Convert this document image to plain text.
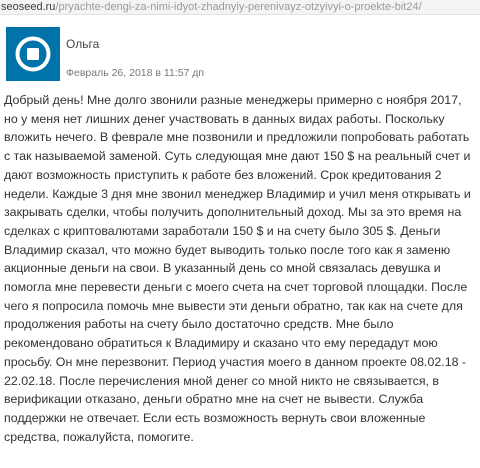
seoseed.ru/pryachte-dengi-za-nimi-idyot-zhadnyiy-perenivayz-otzyivyi-o-proekte-bit24/
Ольга
Февраль 26, 2018 в 11:57 дп

Добрый день! Мне долго звонили разные менеджеры примерно с ноября 2017, но у меня нет лишних денег участвовать в данных видах работы. Поскольку вложить нечего. В феврале мне позвонили и предложили попробовать работать с так называемой заменой. Суть следующая мне дают 150 $ на реальный счет и дают возможность приступить к работе без вложений. Срок кредитования 2 недели. Каждые 3 дня мне звонил менеджер Владимир и учил меня открывать и закрывать сделки, чтобы получить дополнительный доход. Мы за это время на сделках с криптовалютами заработали 150 $ и на счету было 305 $. Деньги Владимир сказал, что можно будет выводить только после того как я заменю акционные деньги на свои. В указанный день со мной связалась девушка и помогла мне перевести деньги с моего счета на счет торговой площадки. После чего я попросила помочь мне вывести эти деньги обратно, так как на счете для продолжения работы на счету было достаточно средств. Мне было рекомендовано обратиться к Владимиру и сказано что ему передадут мою просьбу. Он мне перезвонит. Период участия моего в данном проекте 08.02.18 - 22.02.18. После перечисления мной денег со мной никто не связывается, в верификации отказано, деньги обратно мне на счет не вывести. Служба поддержки не отвечает. Если есть возможность вернуть свои вложенные средства, пожалуйста, помогите.
